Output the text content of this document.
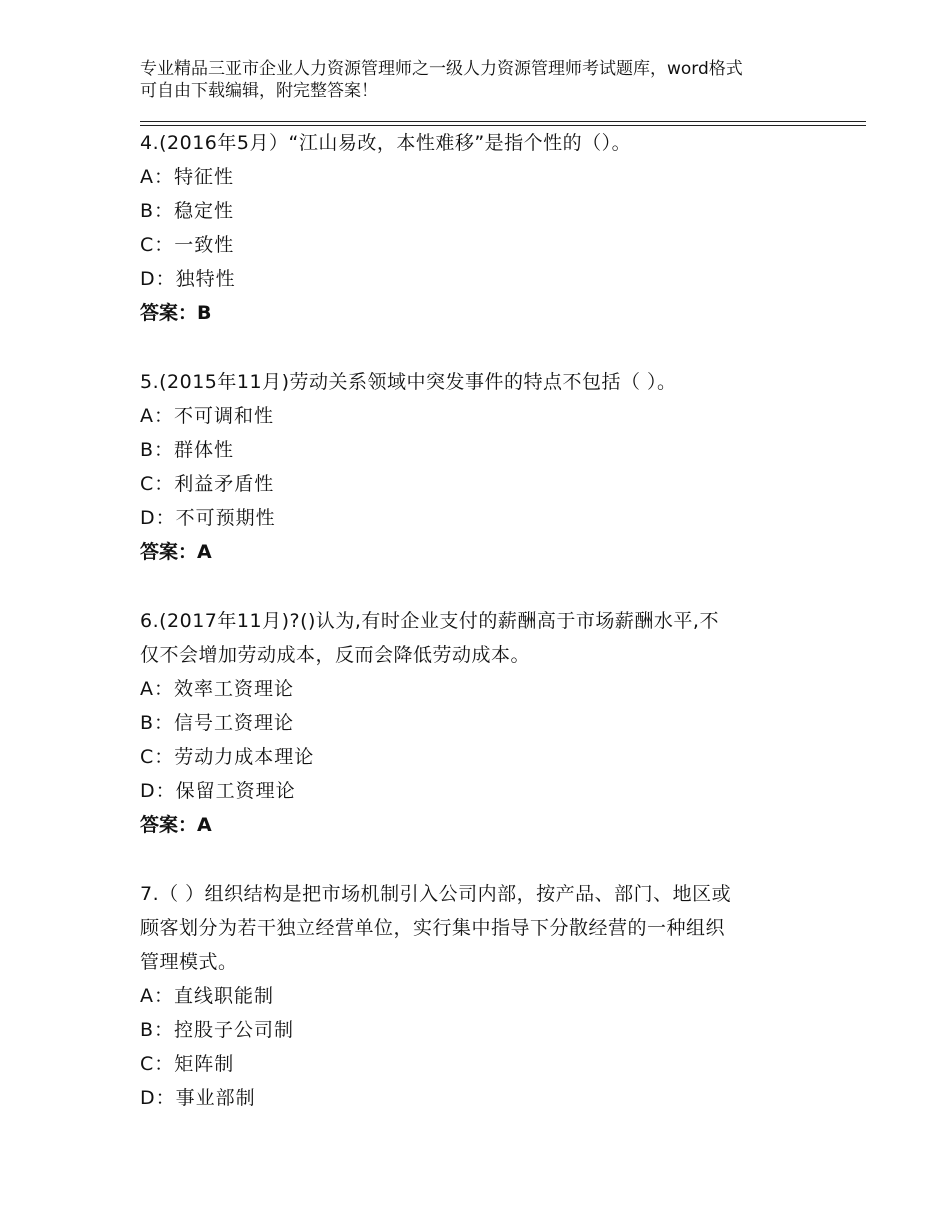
专业精品三亚市企业人力资源管理师之一级人力资源管理师考试题库，word格式
可自由下载编辑，附完整答案！
4.(2016年5月）“江山易改，本性难移”是指个性的（）。
A：特征性
B：稳定性
C：一致性
D：独特性
答案：B
5.(2015年11月)劳动关系领域中突发事件的特点不包括（ ）。
A：不可调和性
B：群体性
C：利益矛盾性
D：不可预期性
答案：A
6.(2017年11月)?()认为,有时企业支付的薪酬高于市场薪酬水平,不
仅不会增加劳动成本，反而会降低劳动成本。
A：效率工资理论
B：信号工资理论
C：劳动力成本理论
D：保留工资理论
答案：A
7.（ ）组织结构是把市场机制引入公司内部，按产品、部门、地区或
顾客划分为若干独立经营单位，实行集中指导下分散经营的一种组织
管理模式。
A：直线职能制
B：控股子公司制
C：矩阵制
D：事业部制
